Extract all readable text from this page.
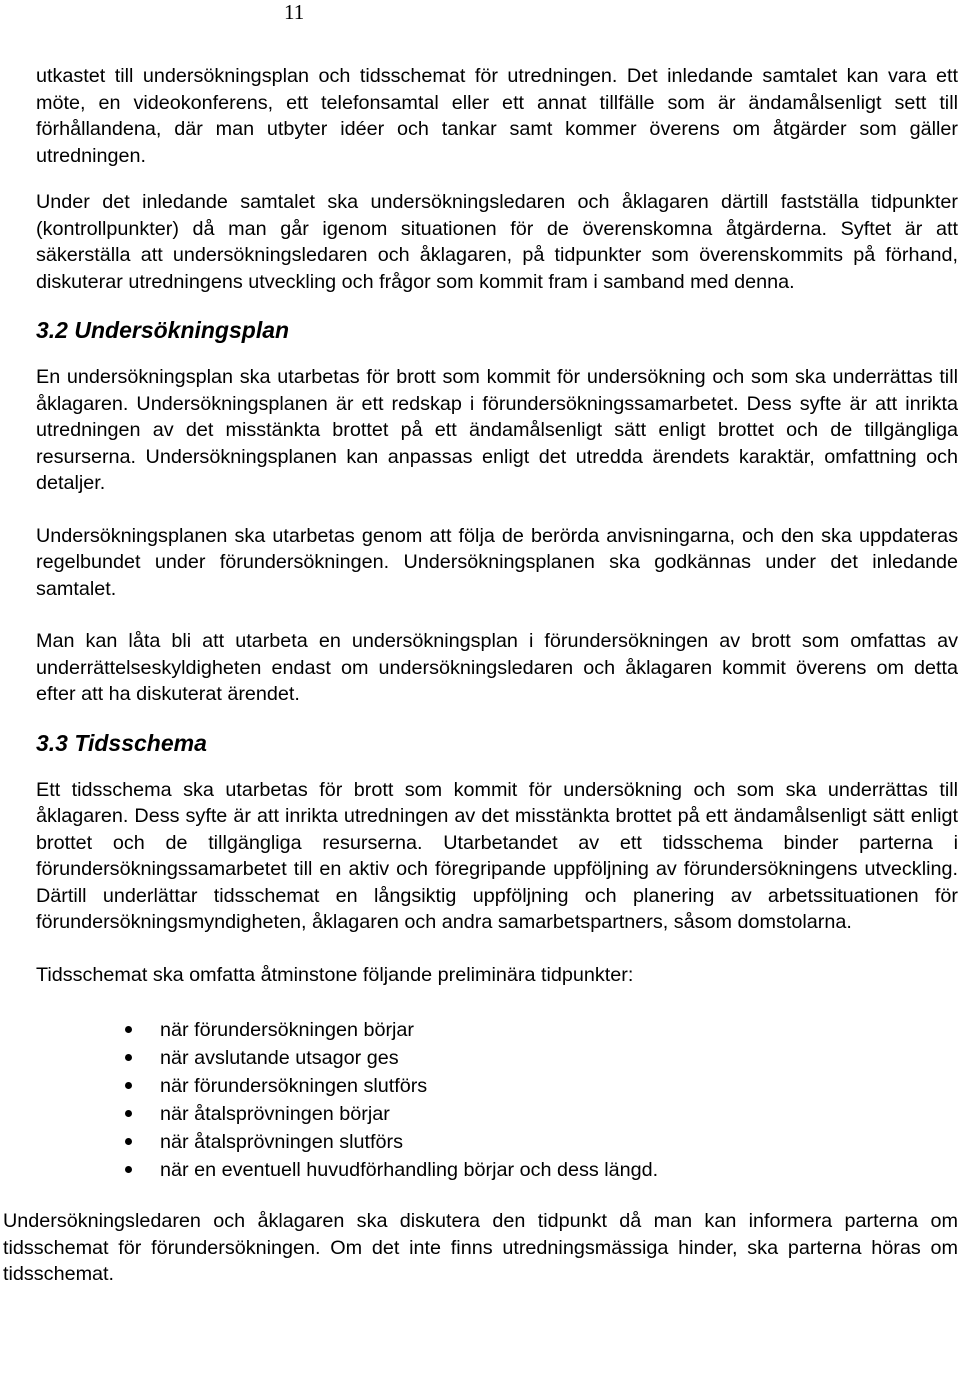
11

utkastet till undersökningsplan och tidsschemat för utredningen. Det inledande samtalet kan vara ett möte, en videokonferens, ett telefonsamtal eller ett annat tillfälle som är ändamålsenligt sett till förhållandena, där man utbyter idéer och tankar samt kommer överens om åtgärder som gäller utredningen.

Under det inledande samtalet ska undersökningsledaren och åklagaren därtill fastställa tidpunkter (kontrollpunkter) då man går igenom situationen för de överenskomna åtgärderna. Syftet är att säkerställa att undersökningsledaren och åklagaren, på tidpunkter som överenskommits på förhand, diskuterar utredningens utveckling och frågor som kommit fram i samband med denna.

3.2 Undersökningsplan

En undersökningsplan ska utarbetas för brott som kommit för undersökning och som ska underrättas till åklagaren. Undersökningsplanen är ett redskap i förundersökningssamarbetet. Dess syfte är att inrikta utredningen av det misstänkta brottet på ett ändamålsenligt sätt enligt brottet och de tillgängliga resurserna. Undersökningsplanen kan anpassas enligt det utredda ärendets karaktär, omfattning och detaljer.

Undersökningsplanen ska utarbetas genom att följa de berörda anvisningarna, och den ska uppdateras regelbundet under förundersökningen. Undersökningsplanen ska godkännas under det inledande samtalet.

Man kan låta bli att utarbeta en undersökningsplan i förundersökningen av brott som omfattas av underrättelseskyldigheten endast om undersökningsledaren och åklagaren kommit överens om detta efter att ha diskuterat ärendet.

3.3 Tidsschema

Ett tidsschema ska utarbetas för brott som kommit för undersökning och som ska underrättas till åklagaren. Dess syfte är att inrikta utredningen av det misstänkta brottet på ett ändamålsenligt sätt enligt brottet och de tillgängliga resurserna. Utarbetandet av ett tidsschema binder parterna i förundersökningssamarbetet till en aktiv och föregripande uppföljning av förundersökningens utveckling. Därtill underlättar tidsschemat en långsiktig uppföljning och planering av arbetssituationen för förundersökningsmyndigheten, åklagaren och andra samarbetspartners, såsom domstolarna.

Tidsschemat ska omfatta åtminstone följande preliminära tidpunkter:

när förundersökningen börjar
när avslutande utsagor ges
när förundersökningen slutförs
när åtalsprövningen börjar
när åtalsprövningen slutförs
när en eventuell huvudförhandling börjar och dess längd.

Undersökningsledaren och åklagaren ska diskutera den tidpunkt då man kan informera parterna om tidsschemat för förundersökningen. Om det inte finns utredningsmässiga hinder, ska parterna höras om tidsschemat.
